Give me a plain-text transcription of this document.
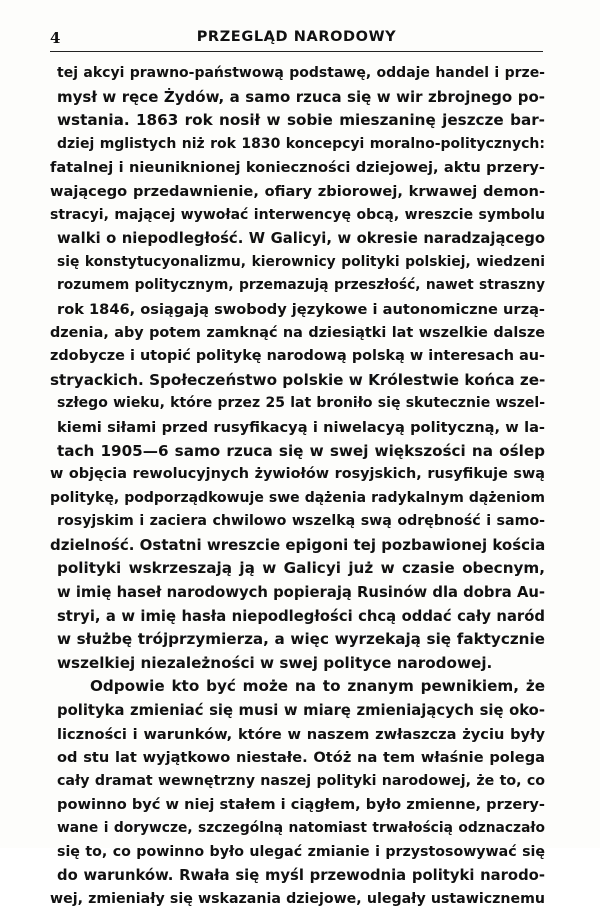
4	PRZEGLĄD NARODOWY
tej akcyi prawno-państwową podstawę, oddaje handel i prze-
mysł w ręce Żydów, a samo rzuca się w wir zbrojnego po-
wstania. 1863 rok nosił w sobie mieszaninę jeszcze bar-
dziej mglistych niż rok 1830 koncepcyi moralno-politycznych:
fatalnej i nieuniknionej konieczności dziejowej, aktu przery-
wającego przedawnienie, ofiary zbiorowej, krwawej demon-
stracyi, mającej wywołać interwencyę obcą, wreszcie symbolu
walki o niepodległość. W Galicyi, w okresie naradzającego
się konstytucyonalizmu, kierownicy polityki polskiej, wiedzeni
rozumem politycznym, przemazują przeszłość, nawet straszny
rok 1846, osiągają swobody językowe i autonomiczne urzą-
dzenia, aby potem zamknąć na dziesiątki lat wszelkie dalsze
zdobycze i utopić politykę narodową polską w interesach au-
stryackich. Społeczeństwo polskie w Królestwie końca ze-
szłego wieku, które przez 25 lat broniło się skutecznie wszel-
kiemi siłami przed rusyfikacyą i niwelacyą polityczną, w la-
tach 1905—6 samo rzuca się w swej większości na oślep
w objęcia rewolucyjnych żywiołów rosyjskich, rusyfikuje swą
politykę, podporządkowuje swe dążenia radykalnym dążeniom
rosyjskim i zaciera chwilowo wszelką swą odrębność i samo-
dzielność. Ostatni wreszcie epigoni tej pozbawionej kościa
polityki wskrzeszają ją w Galicyi już w czasie obecnym,
w imię haseł narodowych popierają Rusinów dla dobra Au-
stryi, a w imię hasła niepodległości chcą oddać cały naród
w służbę trójprzymierza, a więc wyrzekają się faktycznie
wszelkiej niezależności w swej polityce narodowej.
Odpowie kto być może na to znanym pewnikiem, że
polityka zmieniać się musi w miarę zmieniających się oko-
liczności i warunków, które w naszem zwłaszcza życiu były
od stu lat wyjątkowo niestałe. Otóż na tem właśnie polega
cały dramat wewnętrzny naszej polityki narodowej, że to, co
powinno być w niej stałem i ciągłem, było zmienne, przery-
wane i dorywcze, szczególną natomiast trwałością odznaczało
się to, co powinno było ulegać zmianie i przystosowywać się
do warunków. Rwała się myśl przewodnia polityki narodo-
wej, zmieniały się wskazania dziejowe, ulegały ustawicznemu
